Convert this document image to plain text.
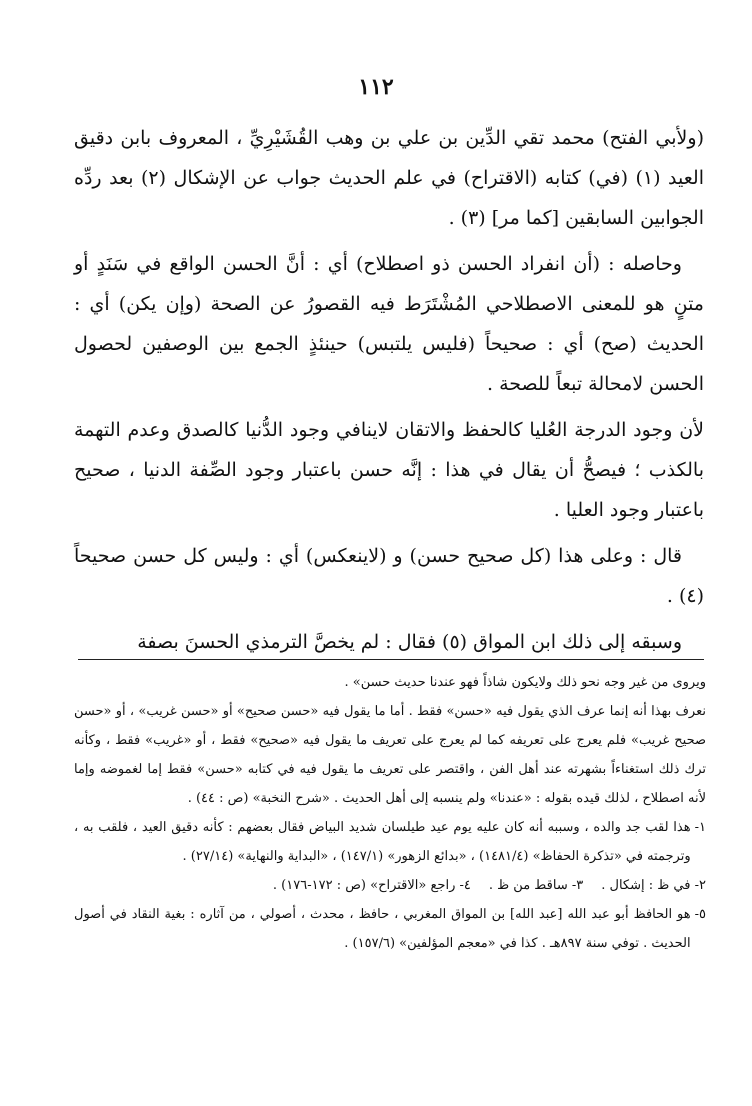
١١٢

(ولأبي الفتح) محمد تقي الدِّين بن علي بن وهب القُشَيْرِيِّ ، المعروف بابن دقيق العيد (١) (في) كتابه (الاقتراح) في علم الحديث جواب عن الإشكال (٢) بعد ردِّه الجوابين السابقين [كما مر] (٣) .

وحاصله : (أن انفراد الحسن ذو اصطلاح) أي : أنَّ الحسن الواقع في سَنَدٍ أو متنٍ هو للمعنى الاصطلاحي المُشْتَرَط فيه القصورُ عن الصحة (وإن يكن) أي : الحديث (صح) أي : صحيحاً (فليس يلتبس) حينئذٍ الجمع بين الوصفين لحصول الحسن لامحالة تبعاً للصحة .

لأن وجود الدرجة العُليا كالحفظ والاتقان لاينافي وجود الدُّنيا كالصدق وعدم التهمة بالكذب ؛ فيصحُّ أن يقال في هذا : إنَّه حسن باعتبار وجود الصِّفة الدنيا ، صحيح باعتبار وجود العليا .

قال : وعلى هذا (كل صحيح حسن) و (لاينعكس) أي : وليس كل حسن صحيحاً (٤) .

وسبقه إلى ذلك ابن المواق (٥) فقال : لم يخصَّ الترمذي الحسنَ بصفة

ويروى من غير وجه نحو ذلك ولايكون شاذاً فهو عندنا حديث حسن» .

نعرف بهذا أنه إنما عرف الذي يقول فيه «حسن» فقط . أما ما يقول فيه «حسن صحيح» أو «حسن غريب» ، أو «حسن صحيح غريب» فلم يعرج على تعريفه كما لم يعرج على تعريف ما يقول فيه «صحيح» فقط ، أو «غريب» فقط ، وكأنه ترك ذلك استغناءاً بشهرته عند أهل الفن ، واقتصر على تعريف ما يقول فيه في كتابه «حسن» فقط إما لغموضه وإما لأنه اصطلاح ، لذلك قيده بقوله : «عندنا» ولم ينسبه إلى أهل الحديث . «شرح النخبة» (ص : ٤٤) .

١-
هذا لقب جد والده ، وسببه أنه كان عليه يوم عيد طيلسان شديد البياض فقال بعضهم : كأنه دقيق العيد ، فلقب به ، وترجمته في «تذكرة الحفاظ» (١٤٨١/٤) ، «بدائع الزهور» (١٤٧/١) ، «البداية والنهاية» (٢٧/١٤) .
٢- في ظ : إشكال .
٣- ساقط من ظ .
٤- راجع «الاقتراح» (ص : ١٧٢-١٧٦) .
٥-
هو الحافظ أبو عبد الله [عبد الله] بن المواق المغربي ، حافظ ، محدث ، أصولي ، من آثاره : بغية النقاد في أصول الحديث . توفي سنة ٨٩٧هـ . كذا في «معجم المؤلفين» (١٥٧/٦) .
